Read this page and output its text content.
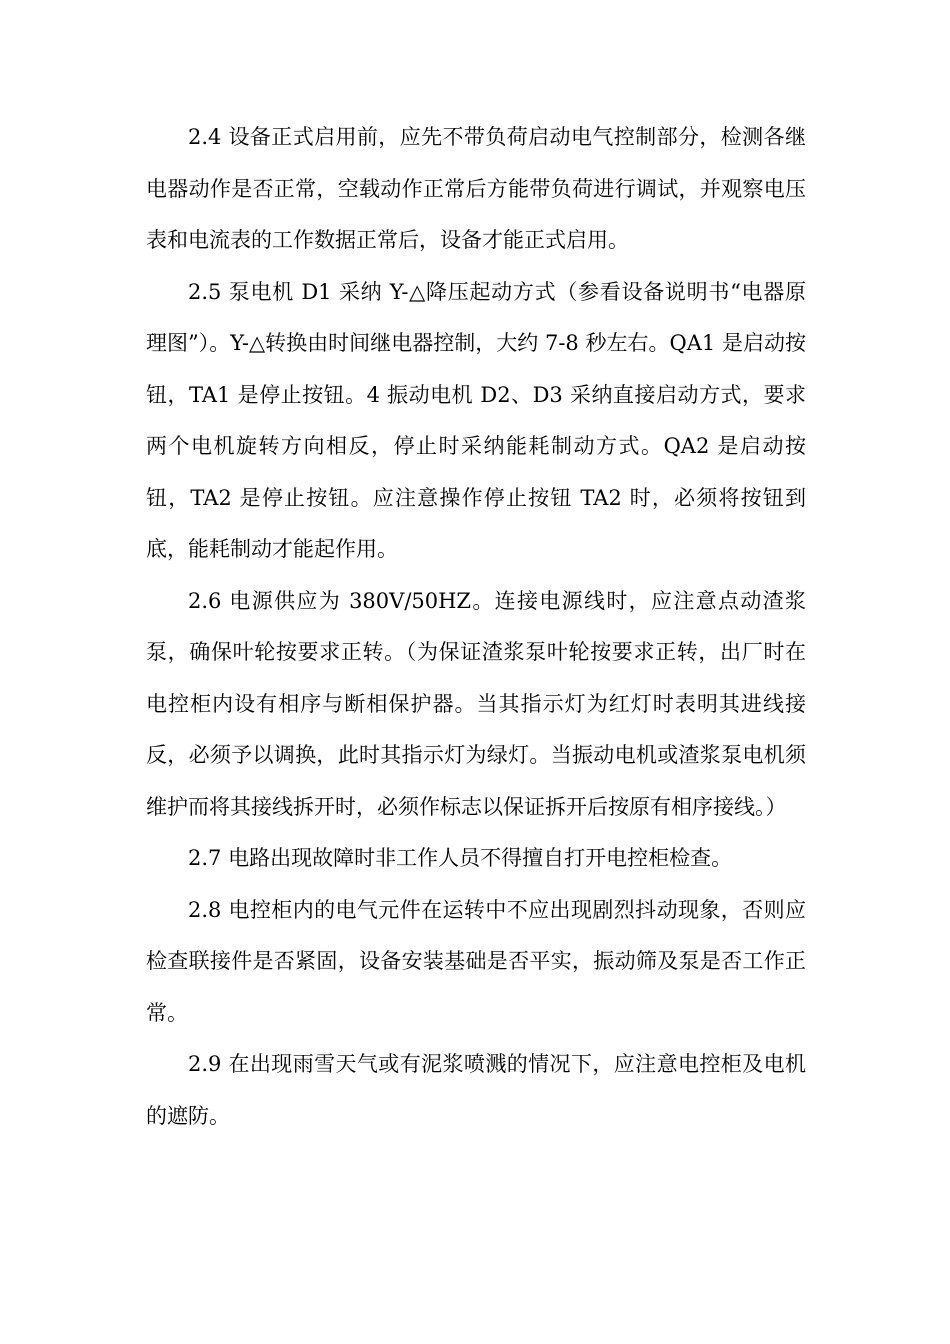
2.4 设备正式启用前，应先不带负荷启动电气控制部分，检测各继电器动作是否正常，空载动作正常后方能带负荷进行调试，并观察电压表和电流表的工作数据正常后，设备才能正式启用。

2.5 泵电机 D1 采纳 Y-△降压起动方式（参看设备说明书“电器原理图”）。Y-△转换由时间继电器控制，大约 7-8 秒左右。QA1 是启动按钮，TA1 是停止按钮。4 振动电机 D2、D3 采纳直接启动方式，要求两个电机旋转方向相反，停止时采纳能耗制动方式。QA2 是启动按钮，TA2 是停止按钮。应注意操作停止按钮 TA2 时，必须将按钮到底，能耗制动才能起作用。

2.6 电源供应为 380V/50HZ。连接电源线时，应注意点动渣浆泵，确保叶轮按要求正转。（为保证渣浆泵叶轮按要求正转，出厂时在电控柜内设有相序与断相保护器。当其指示灯为红灯时表明其进线接反，必须予以调换，此时其指示灯为绿灯。当振动电机或渣浆泵电机须维护而将其接线拆开时，必须作标志以保证拆开后按原有相序接线。）

2.7 电路出现故障时非工作人员不得擅自打开电控柜检查。

2.8 电控柜内的电气元件在运转中不应出现剧烈抖动现象，否则应检查联接件是否紧固，设备安装基础是否平实，振动筛及泵是否工作正常。

2.9 在出现雨雪天气或有泥浆喷溅的情况下，应注意电控柜及电机的遮防。
